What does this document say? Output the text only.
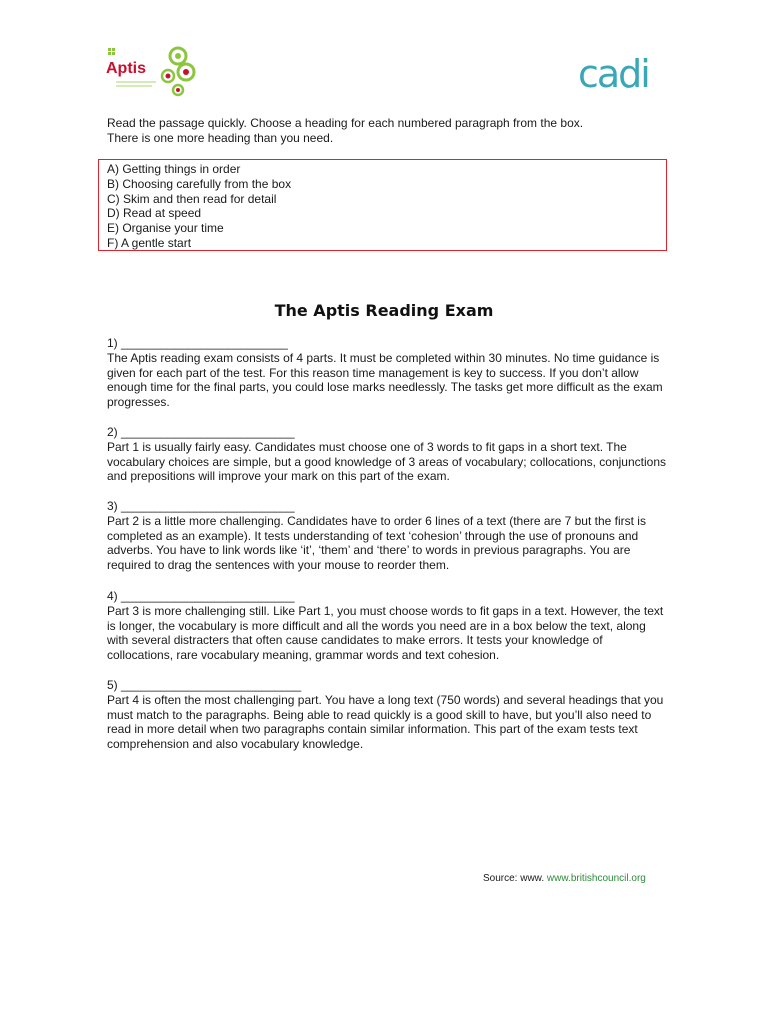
Aptis	cadi

Read the passage quickly. Choose a heading for each numbered paragraph from the box.

There is one more heading than you need.

A) Getting things in order
B) Choosing carefully from the box
C) Skim and then read for detail
D) Read at speed
E) Organise your time
F) A gentle start
The Aptis Reading Exam

1) _________________________

The Aptis reading exam consists of 4 parts. It must be completed within 30 minutes. No time guidance is given for each part of the test. For this reason time management is key to success. If you don’t allow enough time for the final parts, you could lose marks needlessly. The tasks get more difficult as the exam progresses.

2) __________________________

Part 1 is usually fairly easy. Candidates must choose one of 3 words to fit gaps in a short text. The vocabulary choices are simple, but a good knowledge of 3 areas of vocabulary; collocations, conjunctions and prepositions will improve your mark on this part of the exam.

3) __________________________

Part 2 is a little more challenging. Candidates have to order 6 lines of a text (there are 7 but the first is completed as an example). It tests understanding of text ‘cohesion’ through the use of pronouns and adverbs. You have to link words like ‘it’, ‘them’ and ‘there’ to words in previous paragraphs. You are required to drag the sentences with your mouse to reorder them.

4) __________________________

Part 3 is more challenging still. Like Part 1, you must choose words to fit gaps in a text. However, the text is longer, the vocabulary is more difficult and all the words you need are in a box below the text, along with several distracters that often cause candidates to make errors. It tests your knowledge of collocations, rare vocabulary meaning, grammar words and text cohesion.

5) ___________________________

Part 4 is often the most challenging part. You have a long text (750 words) and several headings that you must match to the paragraphs. Being able to read quickly is a good skill to have, but you’ll also need to read in more detail when two paragraphs contain similar information. This part of the exam tests text comprehension and also vocabulary knowledge.

Source: www. www.britishcouncil.org
